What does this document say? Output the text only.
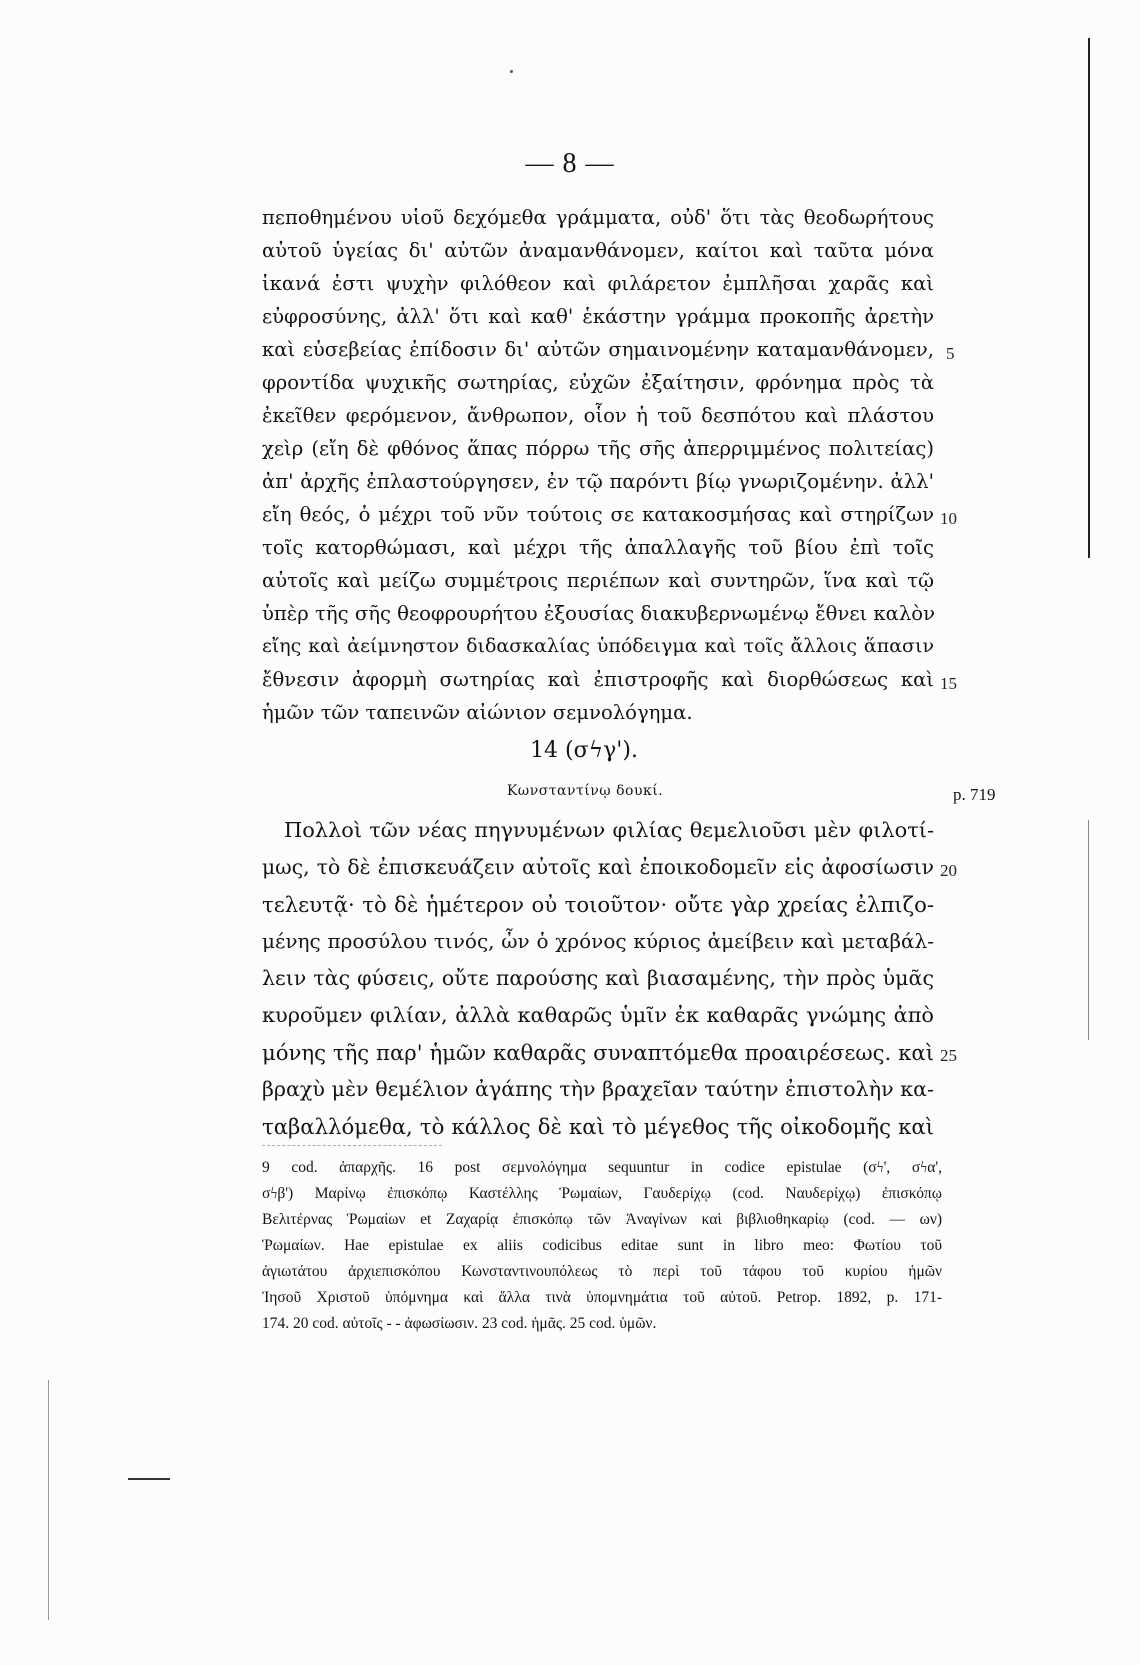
— 8 —
πεποθημένου υἱοῦ δεχόμεθα γράμματα, οὐδ' ὅτι τὰς θεοδωρήτους
αὐτοῦ ὑγείας δι' αὐτῶν ἀναμανθάνομεν, καίτοι καὶ ταῦτα μόνα
ἱκανά ἐστι ψυχὴν φιλόθεον καὶ φιλάρετον ἐμπλῆσαι χαρᾶς καὶ
εὐφροσύνης, ἀλλ' ὅτι καὶ καθ' ἑκάστην γράμμα προκοπῆς ἀρετὴν
καὶ εὐσεβείας ἐπίδοσιν δι' αὐτῶν σημαινομένην καταμανθάνομεν,
φροντίδα ψυχικῆς σωτηρίας, εὐχῶν ἐξαίτησιν, φρόνημα πρὸς τὰ
ἐκεῖθεν φερόμενον, ἄνθρωπον, οἷον ἡ τοῦ δεσπότου καὶ πλάστου
χεὶρ (εἴη δὲ φθόνος ἅπας πόρρω τῆς σῆς ἀπερριμμένος πολιτείας)
ἀπ' ἀρχῆς ἐπλαστούργησεν, ἐν τῷ παρόντι βίῳ γνωριζομένην. ἀλλ'
εἴη θεός, ὁ μέχρι τοῦ νῦν τούτοις σε κατακοσμήσας καὶ στηρίζων
τοῖς κατορθώμασι, καὶ μέχρι τῆς ἀπαλλαγῆς τοῦ βίου ἐπὶ τοῖς
αὐτοῖς καὶ μείζω συμμέτροις περιέπων καὶ συντηρῶν, ἵνα καὶ τῷ
ὑπὲρ τῆς σῆς θεοφρουρήτου ἐξουσίας διακυβερνωμένῳ ἔθνει καλὸν
εἴης καὶ ἀείμνηστον διδασκαλίας ὑπόδειγμα καὶ τοῖς ἄλλοις ἅπασιν
ἔθνεσιν ἀφορμὴ σωτηρίας καὶ ἐπιστροφῆς καὶ διορθώσεως καὶ
ἡμῶν τῶν ταπεινῶν αἰώνιον σεμνολόγημα.
5
10
15
14 (σϟγ').
Κωνσταντίνῳ δουκί.	p. 719
Πολλοὶ τῶν νέας πηγνυμένων φιλίας θεμελιοῦσι μὲν φιλοτί-
μως, τὸ δὲ ἐπισκευάζειν αὐτοῖς καὶ ἐποικοδομεῖν εἰς ἀφοσίωσιν
τελευτᾷ· τὸ δὲ ἡμέτερον οὐ τοιοῦτον· οὔτε γὰρ χρείας ἐλπιζο-
μένης προσύλου τινός, ὧν ὁ χρόνος κύριος ἀμείβειν καὶ μεταβάλ-
λειν τὰς φύσεις, οὔτε παρούσης καὶ βιασαμένης, τὴν πρὸς ὑμᾶς
κυροῦμεν φιλίαν, ἀλλὰ καθαρῶς ὑμῖν ἐκ καθαρᾶς γνώμης ἀπὸ
μόνης τῆς παρ' ἡμῶν καθαρᾶς συναπτόμεθα προαιρέσεως. καὶ
βραχὺ μὲν θεμέλιον ἀγάπης τὴν βραχεῖαν ταύτην ἐπιστολὴν κα-
ταβαλλόμεθα, τὸ κάλλος δὲ καὶ τὸ μέγεθος τῆς οἰκοδομῆς καὶ
20
25
9 cod. ἀπαρχῆς. 16 post σεμνολόγημα sequuntur in codice epistulae (σϟ', σϟα',
σϟβ') Μαρίνῳ ἐπισκόπῳ Καστέλλης Ῥωμαίων, Γαυδερίχῳ (cod. Ναυδερίχῳ) ἐπισκόπῳ
Βελιτέρνας Ῥωμαίων et Ζαχαρίᾳ ἐπισκόπῳ τῶν Ἀναγίνων καὶ βιβλιοθηκαρίῳ (cod. — ων)
Ῥωμαίων. Hae epistulae ex aliis codicibus editae sunt in libro meo: Φωτίου τοῦ
ἁγιωτάτου ἀρχιεπισκόπου Κωνσταντινουπόλεως τὸ περὶ τοῦ τάφου τοῦ κυρίου ἡμῶν
Ἰησοῦ Χριστοῦ ὑπόμνημα καὶ ἄλλα τινὰ ὑπομνημάτια τοῦ αὐτοῦ. Petrop. 1892, p. 171-
174. 20 cod. αὐτοῖς - - ἀφωσίωσιν. 23 cod. ἡμᾶς. 25 cod. ὑμῶν.
